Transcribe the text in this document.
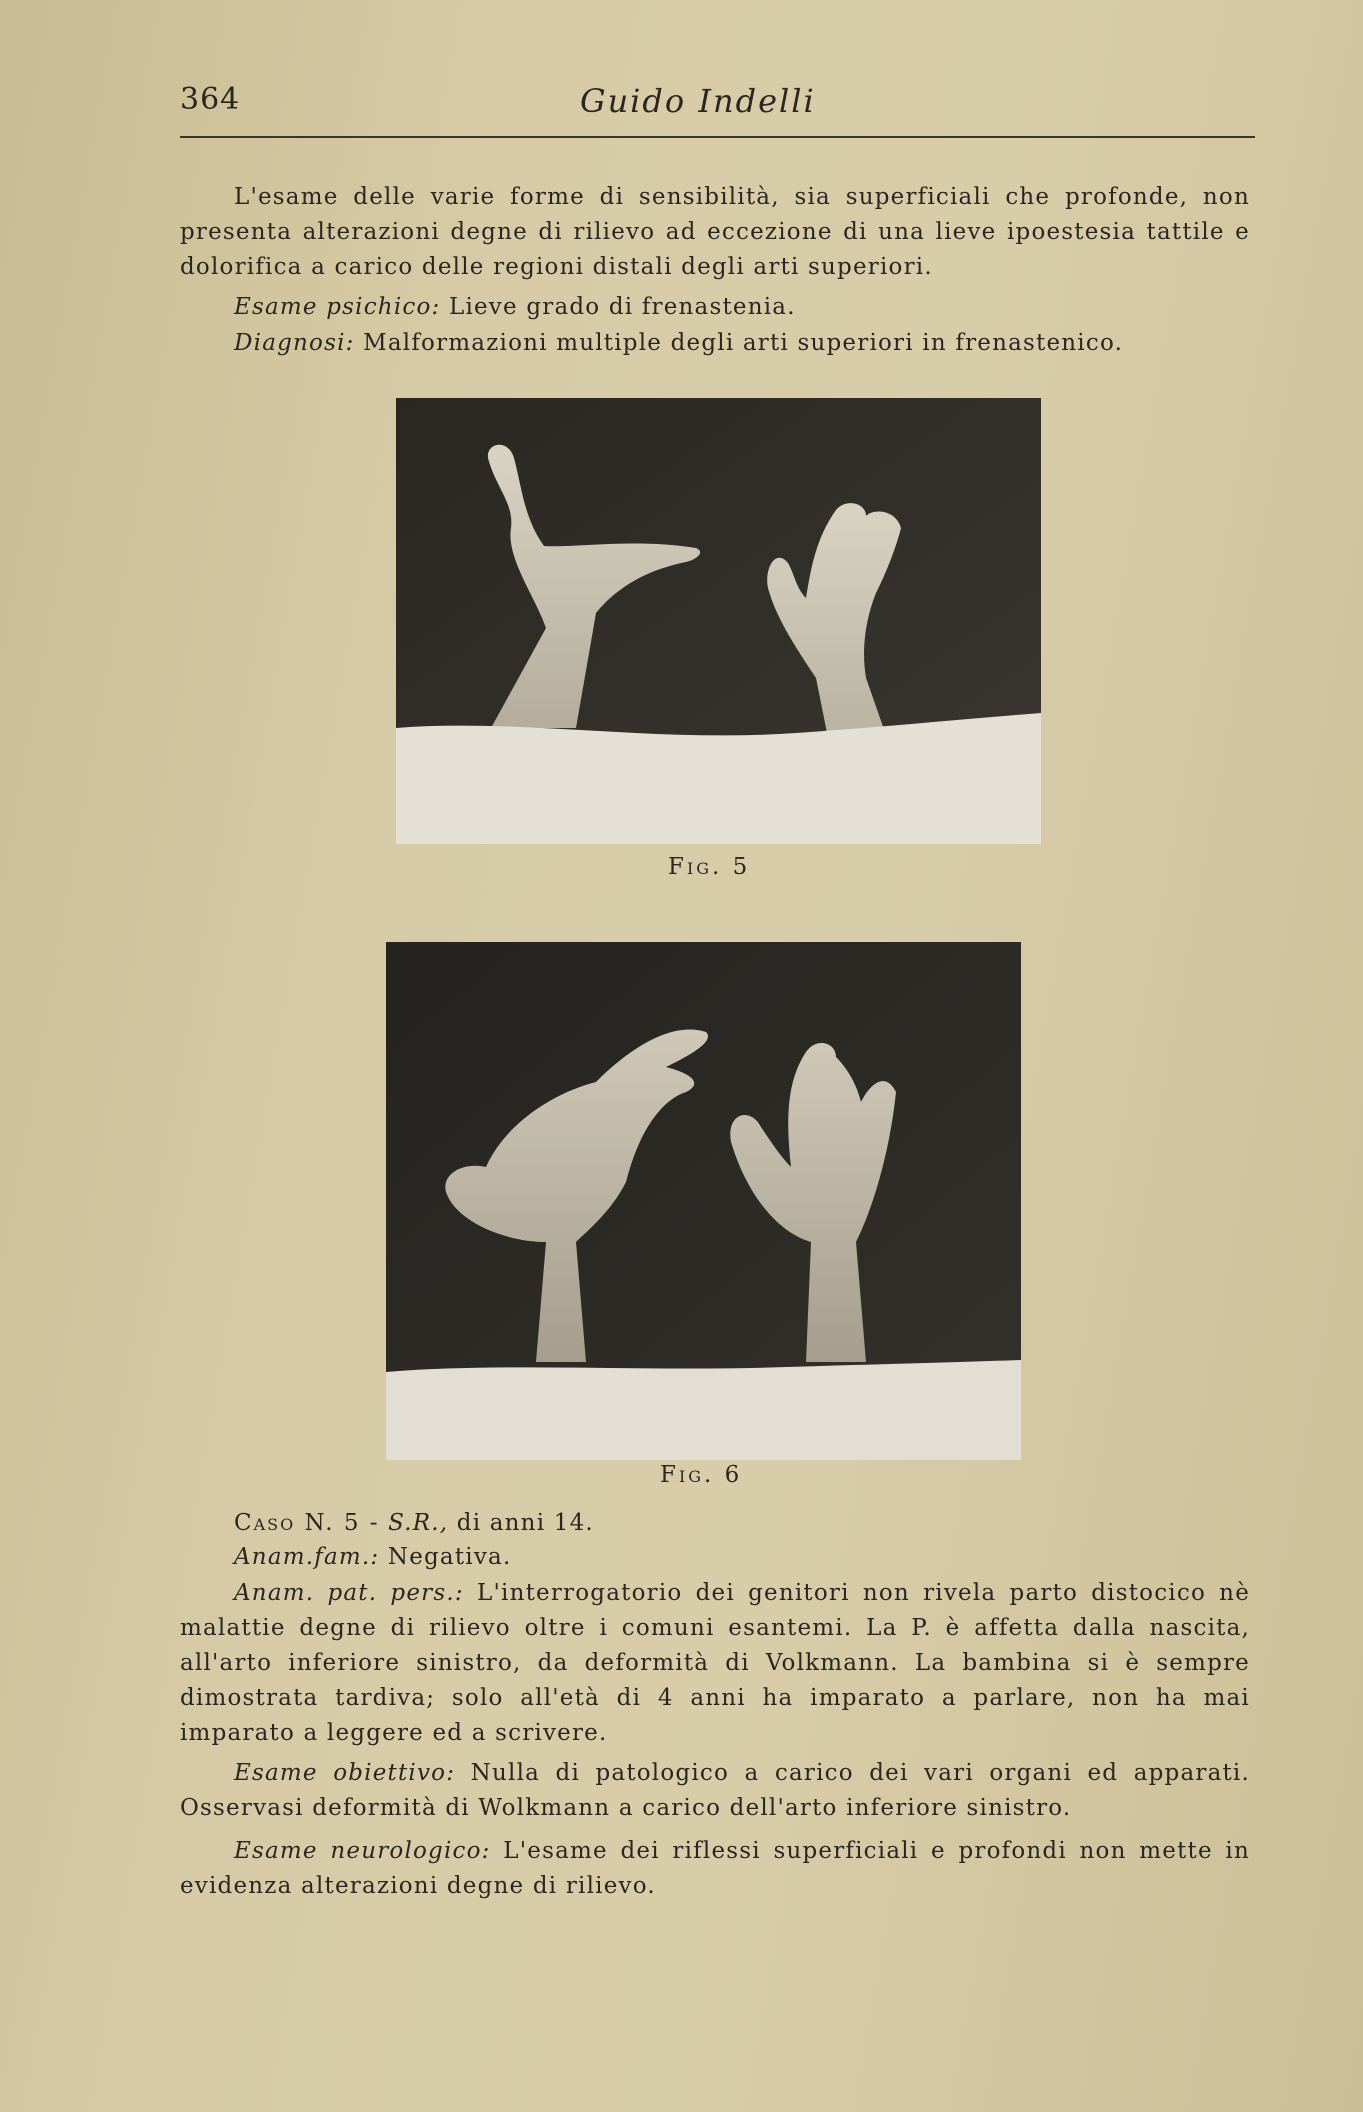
364	Guido Indelli

L'esame delle varie forme di sensibilità, sia superficiali che profonde, non presenta alterazioni degne di rilievo ad eccezione di una lieve ipoestesia tattile e dolorifica a carico delle regioni distali degli arti superiori.

Esame psichico: Lieve grado di frenastenia.

Diagnosi: Malformazioni multiple degli arti superiori in frenastenico.

Fig. 5
Fig. 6

Caso N. 5 - S.R., di anni 14.

Anam.fam.: Negativa.

Anam. pat. pers.: L'interrogatorio dei genitori non rivela parto distocico nè malattie degne di rilievo oltre i comuni esantemi. La P. è affetta dalla nascita, all'arto inferiore sinistro, da deformità di Volkmann. La bambina si è sempre dimostrata tardiva; solo all'età di 4 anni ha imparato a parlare, non ha mai imparato a leggere ed a scrivere.

Esame obiettivo: Nulla di patologico a carico dei vari organi ed apparati. Osservasi deformità di Wolkmann a carico dell'arto inferiore sinistro.

Esame neurologico: L'esame dei riflessi superficiali e profondi non mette in evidenza alterazioni degne di rilievo.
